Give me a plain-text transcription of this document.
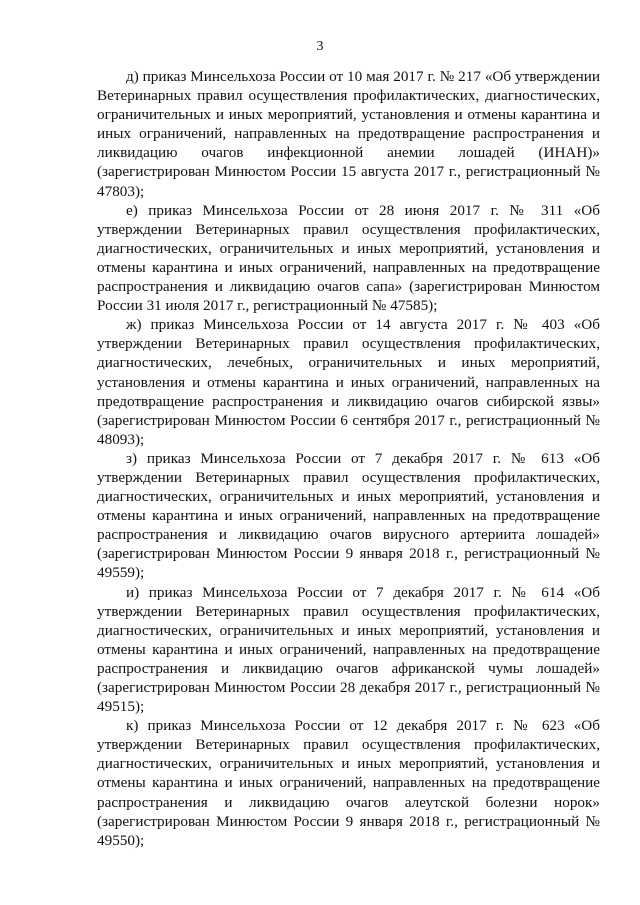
3

д) приказ Минсельхоза России от 10 мая 2017 г. № 217 «Об утверждении Ветеринарных правил осуществления профилактических, диагностических, ограничительных и иных мероприятий, установления и отмены карантина и иных ограничений, направленных на предотвращение распространения и ликвидацию очагов инфекционной анемии лошадей (ИНАН)» (зарегистрирован Минюстом России 15 августа 2017 г., регистрационный № 47803);

е) приказ Минсельхоза России от 28 июня 2017 г. № 311 «Об утверждении Ветеринарных правил осуществления профилактических, диагностических, ограничительных и иных мероприятий, установления и отмены карантина и иных ограничений, направленных на предотвращение распространения и ликвидацию очагов сапа» (зарегистрирован Минюстом России 31 июля 2017 г., регистрационный № 47585);

ж) приказ Минсельхоза России от 14 августа 2017 г. № 403 «Об утверждении Ветеринарных правил осуществления профилактических, диагностических, лечебных, ограничительных и иных мероприятий, установления и отмены карантина и иных ограничений, направленных на предотвращение распространения и ликвидацию очагов сибирской язвы» (зарегистрирован Минюстом России 6 сентября 2017 г., регистрационный № 48093);

з) приказ Минсельхоза России от 7 декабря 2017 г. № 613 «Об утверждении Ветеринарных правил осуществления профилактических, диагностических, ограничительных и иных мероприятий, установления и отмены карантина и иных ограничений, направленных на предотвращение распространения и ликвидацию очагов вирусного артериита лошадей» (зарегистрирован Минюстом России 9 января 2018 г., регистрационный № 49559);

и) приказ Минсельхоза России от 7 декабря 2017 г. № 614 «Об утверждении Ветеринарных правил осуществления профилактических, диагностических, ограничительных и иных мероприятий, установления и отмены карантина и иных ограничений, направленных на предотвращение распространения и ликвидацию очагов африканской чумы лошадей» (зарегистрирован Минюстом России 28 декабря 2017 г., регистрационный № 49515);

к) приказ Минсельхоза России от 12 декабря 2017 г. № 623 «Об утверждении Ветеринарных правил осуществления профилактических, диагностических, ограничительных и иных мероприятий, установления и отмены карантина и иных ограничений, направленных на предотвращение распространения и ликвидацию очагов алеутской болезни норок» (зарегистрирован Минюстом России 9 января 2018 г., регистрационный № 49550);
